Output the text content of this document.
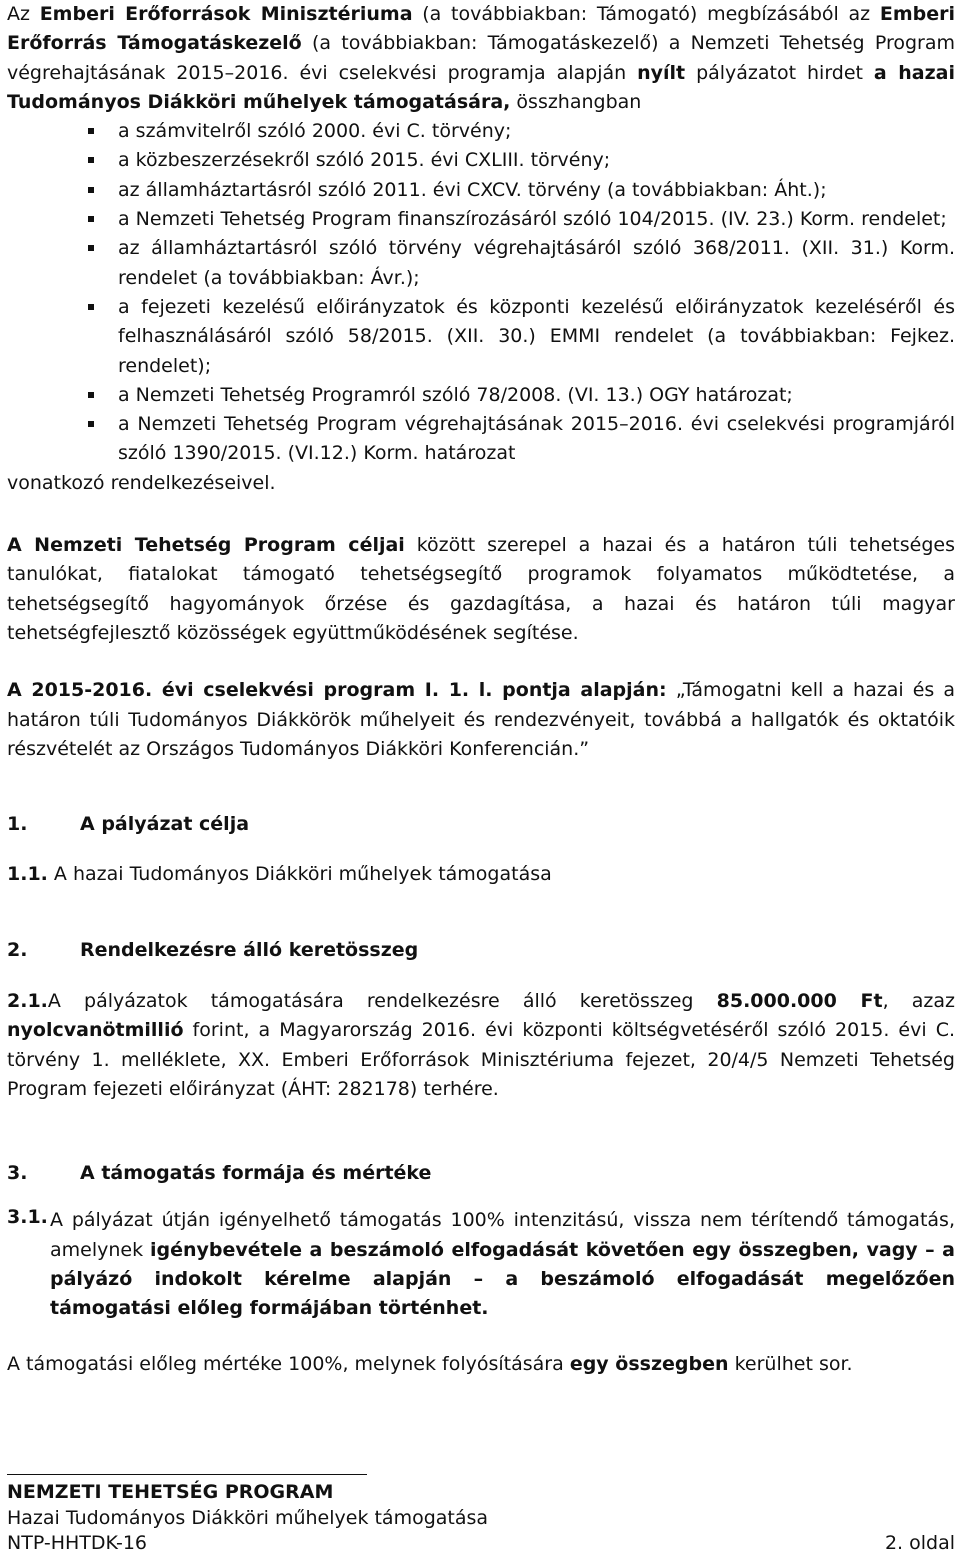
Az Emberi Erőforrások Minisztériuma (a továbbiakban: Támogató) megbízásából az Emberi Erőforrás Támogatáskezelő (a továbbiakban: Támogatáskezelő) a Nemzeti Tehetség Program végrehajtásának 2015–2016. évi cselekvési programja alapján nyílt pályázatot hirdet a hazai Tudományos Diákköri műhelyek támogatására, összhangban

a számvitelről szóló 2000. évi C. törvény;
a közbeszerzésekről szóló 2015. évi CXLIII. törvény;
az államháztartásról szóló 2011. évi CXCV. törvény (a továbbiakban: Áht.);
a Nemzeti Tehetség Program finanszírozásáról szóló 104/2015. (IV. 23.) Korm. rendelet;
az államháztartásról szóló törvény végrehajtásáról szóló 368/2011. (XII. 31.) Korm. rendelet (a továbbiakban: Ávr.);
a fejezeti kezelésű előirányzatok és központi kezelésű előirányzatok kezeléséről és felhasználásáról szóló 58/2015. (XII. 30.) EMMI rendelet (a továbbiakban: Fejkez. rendelet);
a Nemzeti Tehetség Programról szóló 78/2008. (VI. 13.) OGY határozat;
a Nemzeti Tehetség Program végrehajtásának 2015–2016. évi cselekvési programjáról szóló 1390/2015. (VI.12.) Korm. határozat

vonatkozó rendelkezéseivel.

A Nemzeti Tehetség Program céljai között szerepel a hazai és a határon túli tehetséges tanulókat, fiatalokat támogató tehetségsegítő programok folyamatos működtetése, a tehetségsegítő hagyományok őrzése és gazdagítása, a hazai és határon túli magyar tehetségfejlesztő közösségek együttműködésének segítése.

A 2015-2016. évi cselekvési program I. 1. l. pontja alapján: „Támogatni kell a hazai és a határon túli Tudományos Diákkörök műhelyeit és rendezvényeit, továbbá a hallgatók és oktatóik részvételét az Országos Tudományos Diákköri Konferencián.”

1.	A pályázat célja

1.1. A hazai Tudományos Diákköri műhelyek támogatása

2.	Rendelkezésre álló keretösszeg

2.1.A pályázatok támogatására rendelkezésre álló keretösszeg 85.000.000 Ft, azaz nyolcvanötmillió forint, a Magyarország 2016. évi központi költségvetéséről szóló 2015. évi C. törvény 1. melléklete, XX. Emberi Erőforrások Minisztériuma fejezet, 20/4/5 Nemzeti Tehetség Program fejezeti előirányzat (ÁHT: 282178) terhére.

3.	A támogatás formája és mértéke
3.1. A pályázat útján igényelhető támogatás 100% intenzitású, vissza nem térítendő támogatás, amelynek igénybevétele a beszámoló elfogadását követően egy összegben, vagy – a pályázó indokolt kérelme alapján – a beszámoló elfogadását megelőzően támogatási előleg formájában történhet.

A támogatási előleg mértéke 100%, melynek folyósítására egy összegben kerülhet sor.

NEMZETI TEHETSÉG PROGRAM
Hazai Tudományos Diákköri műhelyek támogatása
NTP-HHTDK-16	2. oldal
